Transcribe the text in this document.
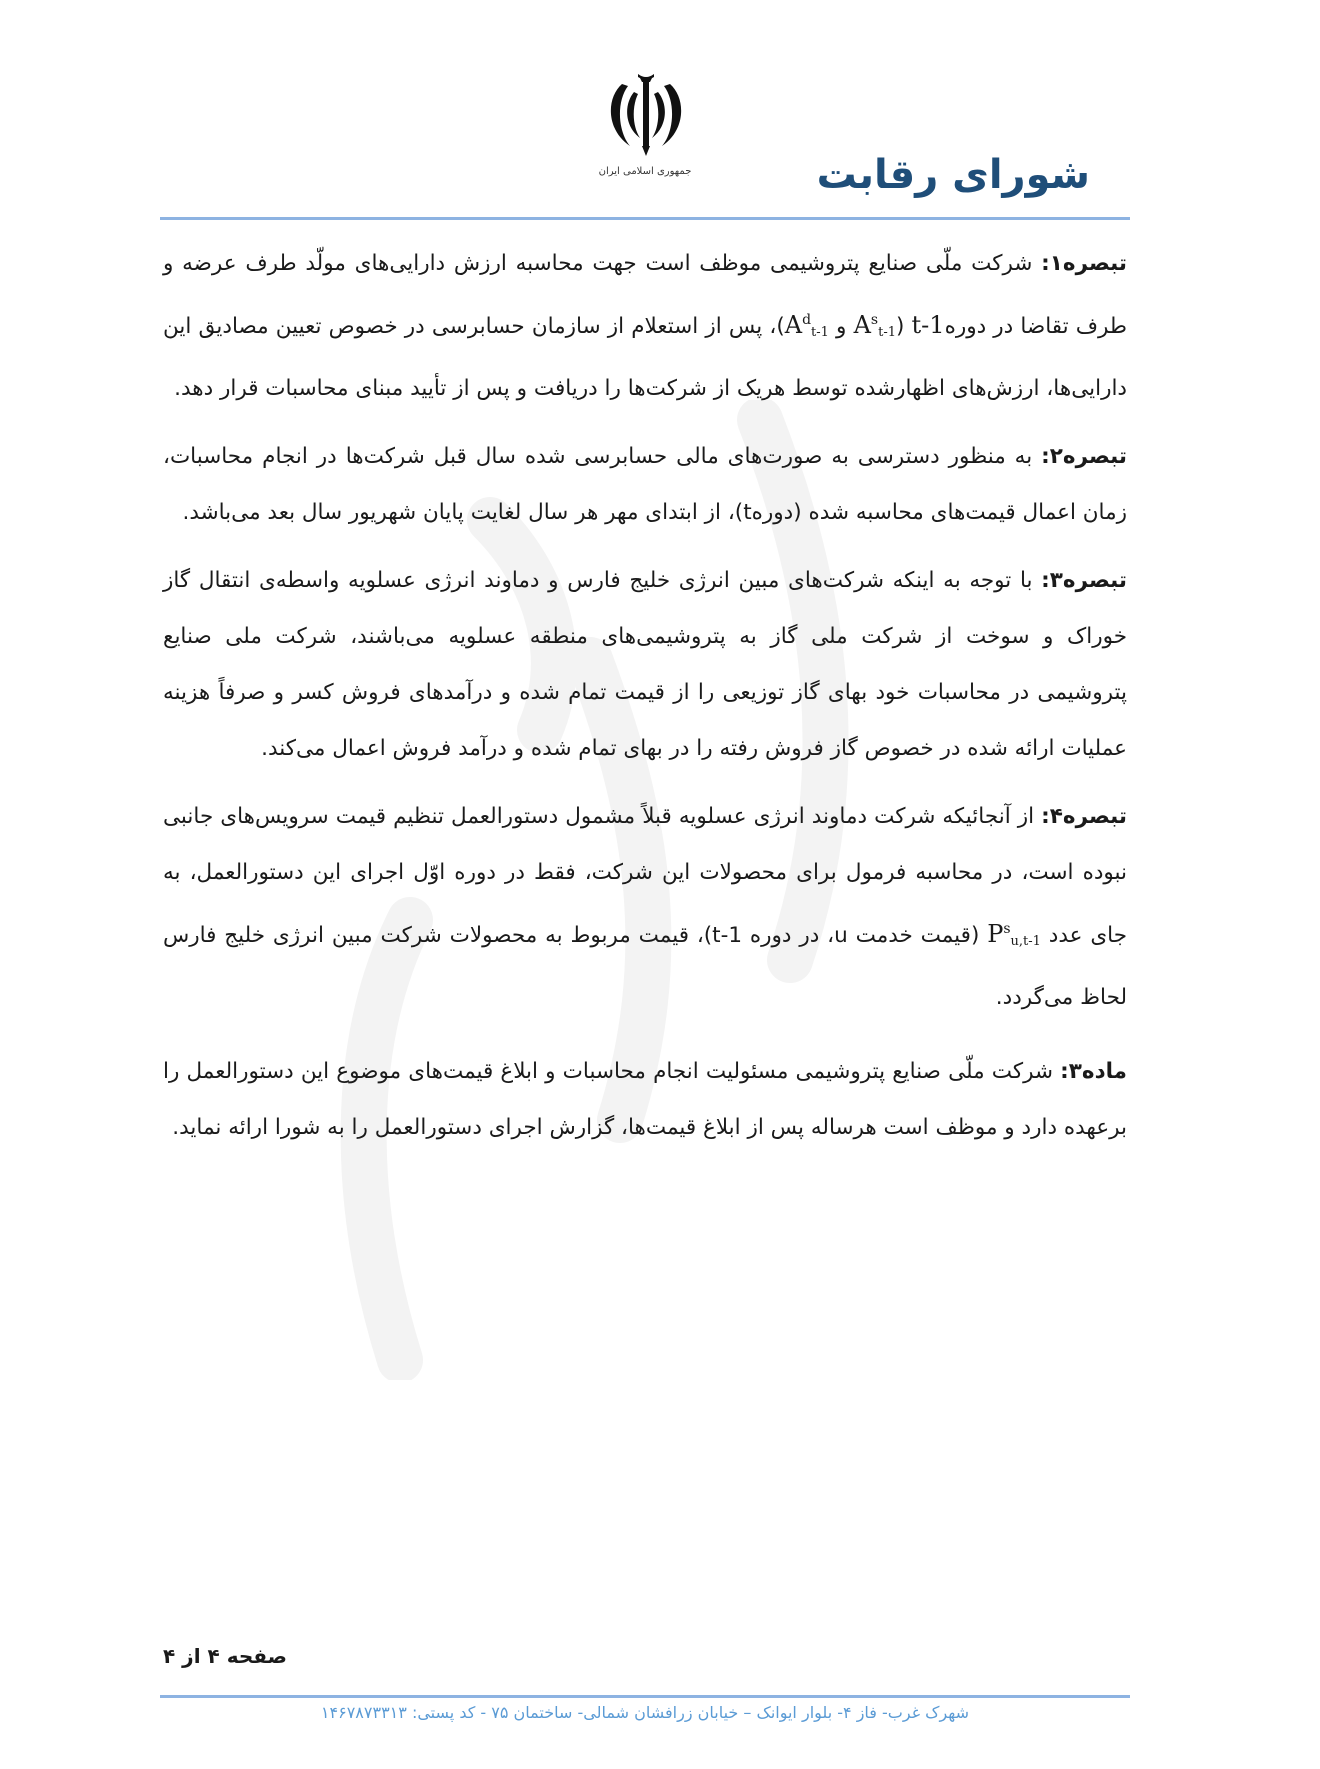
جمهوری اسلامی ایران	شورای رقابت

تبصره۱: شرکت ملّی صنایع پتروشیمی موظف است جهت محاسبه ارزش دارایی‌های مولّد طرف عرضه و طرف تقاضا در دورهt-1 ($A^s_{t-1}$ و $A^d_{t-1})،$ پس از استعلام از سازمان حسابرسی در خصوص تعیین مصادیق این دارایی‌ها، ارزش‌های اظهارشده توسط هریک از شرکت‌ها را دریافت و پس از تأیید مبنای محاسبات قرار دهد.

تبصره۲: به منظور دسترسی به صورت‌های مالی حسابرسی شده سال قبل شرکت‌ها در انجام محاسبات، زمان اعمال قیمت‌های محاسبه شده (دوره‌t)، از ابتدای مهر هر سال لغایت پایان شهریور سال بعد می‌باشد.

تبصره۳: با توجه به اینکه شرکت‌های مبین انرژی خلیج فارس و دماوند انرژی عسلویه واسطه‌ی انتقال گاز خوراک و سوخت از شرکت ملی گاز به پتروشیمی‌های منطقه عسلویه می‌باشند، شرکت ملی صنایع پتروشیمی در محاسبات خود بهای گاز توزیعی را از قیمت تمام شده و درآمدهای فروش کسر و صرفاً هزینه عملیات ارائه شده در خصوص گاز فروش رفته را در بهای تمام شده و درآمد فروش اعمال می‌کند.

تبصره۴: از آنجائیکه شرکت دماوند انرژی عسلویه قبلاً مشمول دستورالعمل تنظیم قیمت سرویس‌های جانبی نبوده است، در محاسبه فرمول برای محصولات این شرکت، فقط در دوره اوّل اجرای این دستورالعمل، به جای عدد $P^s_{u,t-1}$ (قیمت خدمت u، در دوره t-1)، قیمت مربوط به محصولات شرکت مبین انرژی خلیج فارس لحاظ می‌گردد.

ماده۳: شرکت ملّی صنایع پتروشیمی مسئولیت انجام محاسبات و ابلاغ قیمت‌های موضوع این دستورالعمل را برعهده دارد و موظف است هرساله پس از ابلاغ قیمت‌ها، گزارش اجرای دستورالعمل را به شورا ارائه نماید.

صفحه ۴ از ۴
شهرک غرب- فاز ۴- بلوار ایوانک – خیابان زرافشان شمالی- ساختمان ۷۵ - کد پستی: ۱۴۶۷۸۷۳۳۱۳
